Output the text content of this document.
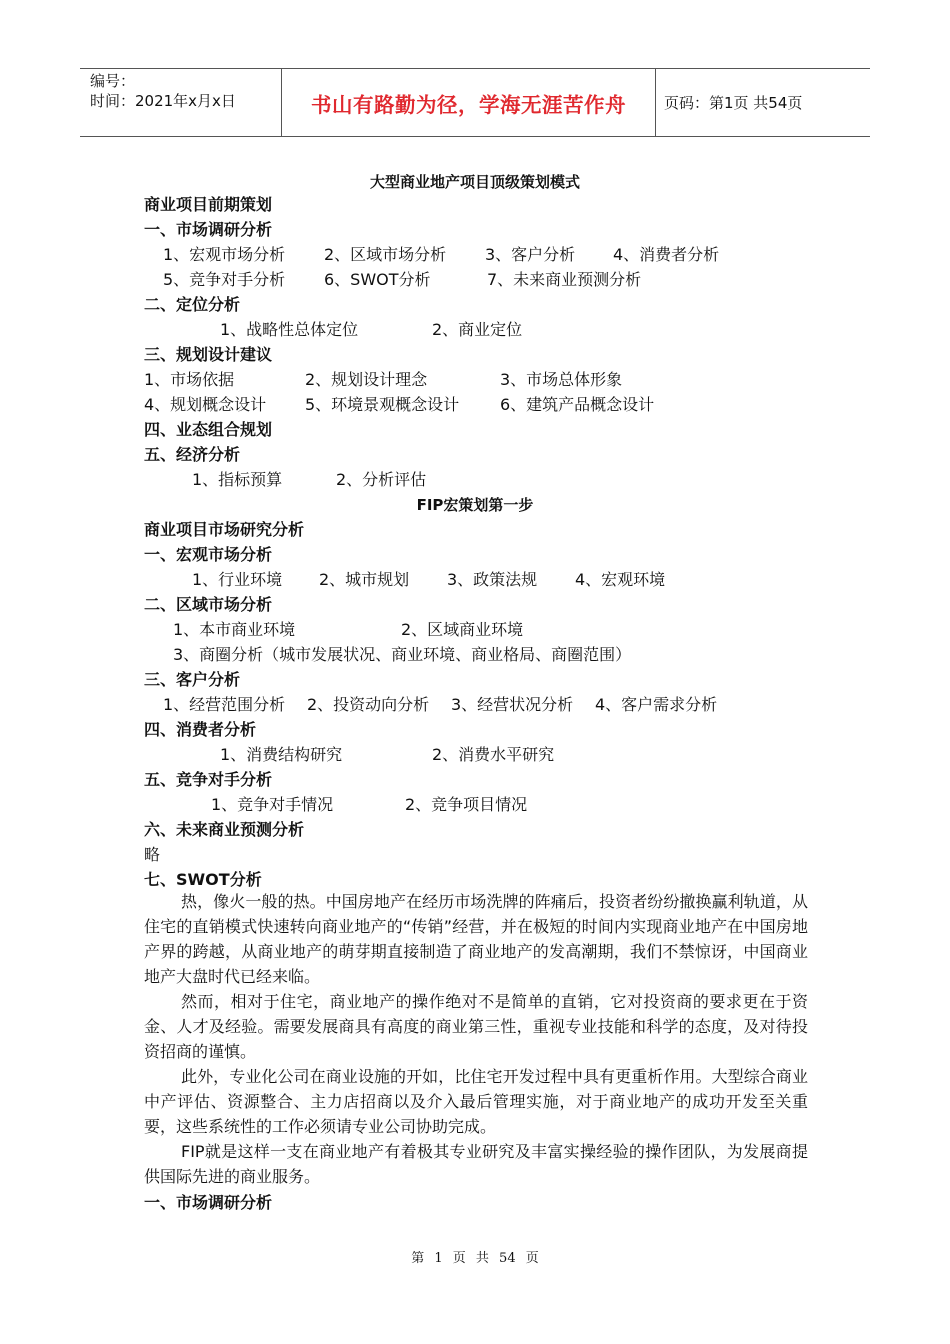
编号：
时间：2021年x月x日	书山有路勤为径，学海无涯苦作舟	页码：第1页 共54页
大型商业地产项目顶级策划模式
商业项目前期策划
一、市场调研分析
1、宏观市场分析 2、区域市场分析 3、客户分析 4、消费者分析
5、竞争对手分析 6、SWOT分析	7、未来商业预测分析
二、定位分析
1、战略性总体定位	2、商业定位
三、规划设计建议
1、市场依据	2、规划设计理念	3、市场总体形象
4、规划概念设计 5、环境景观概念设计	6、建筑产品概念设计
四、业态组合规划
五、经济分析
1、指标预算	2、分析评估
FIP宏策划第一步
商业项目市场研究分析
一、宏观市场分析
1、行业环境 2、城市规划 3、政策法规 4、宏观环境
二、区域市场分析
1、本市商业环境	2、区域商业环境
3、商圈分析（城市发展状况、商业环境、商业格局、商圈范围）
三、客户分析
1、经营范围分析 2、投资动向分析 3、经营状况分析 4、客户需求分析
四、消费者分析
1、消费结构研究	2、消费水平研究
五、竞争对手分析
1、竞争对手情况	2、竞争项目情况
六、未来商业预测分析
略
七、SWOT分析
热，像火一般的热。中国房地产在经历市场洗牌的阵痛后，投资者纷纷撤换赢利轨道，从住宅的直销模式快速转向商业地产的“传销”经营，并在极短的时间内实现商业地产在中国房地产界的跨越，从商业地产的萌芽期直接制造了商业地产的发高潮期，我们不禁惊讶，中国商业地产大盘时代已经来临。
然而，相对于住宅，商业地产的操作绝对不是简单的直销，它对投资商的要求更在于资金、人才及经验。需要发展商具有高度的商业第三性，重视专业技能和科学的态度，及对待投资招商的谨慎。
此外，专业化公司在商业设施的开如，比住宅开发过程中具有更重析作用。大型综合商业中产评估、资源整合、主力店招商以及介入最后管理实施，对于商业地产的成功开发至关重要，这些系统性的工作必须请专业公司协助完成。
FIP就是这样一支在商业地产有着极其专业研究及丰富实操经验的操作团队，为发展商提供国际先进的商业服务。
一、市场调研分析
第 1 页 共 54 页
